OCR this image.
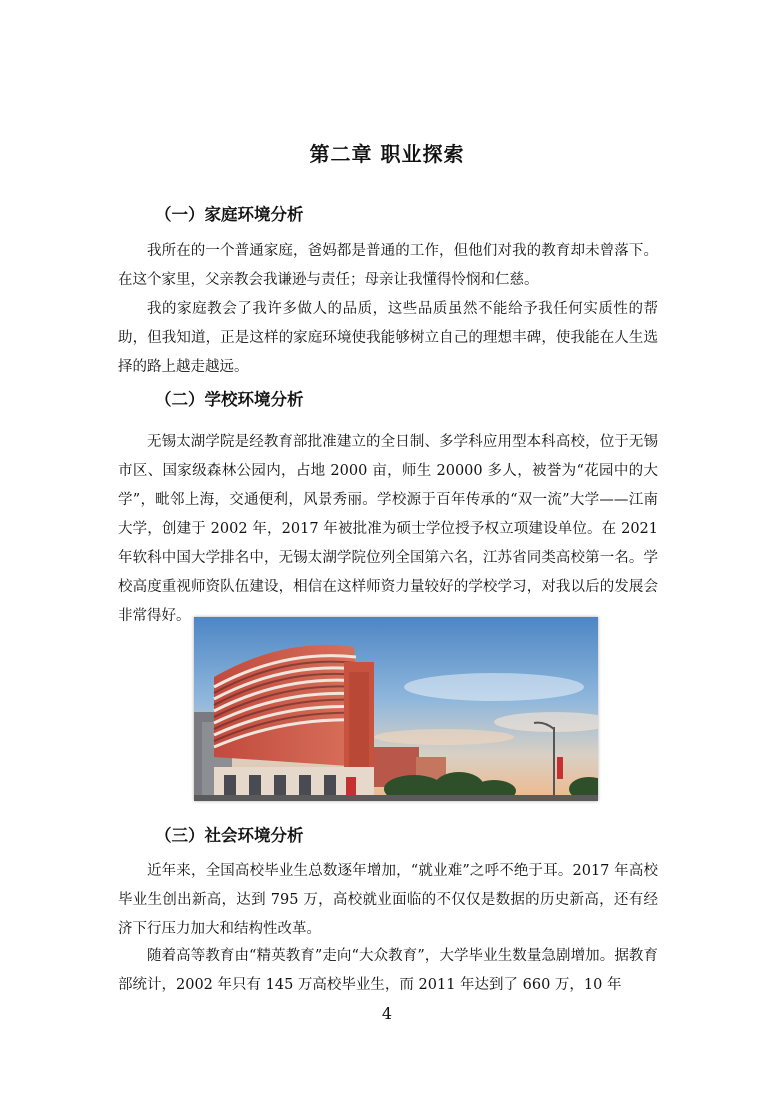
第二章 职业探索
（一）家庭环境分析

我所在的一个普通家庭，爸妈都是普通的工作，但他们对我的教育却未曾落下。在这个家里，父亲教会我谦逊与责任；母亲让我懂得怜悯和仁慈。

我的家庭教会了我许多做人的品质，这些品质虽然不能给予我任何实质性的帮助，但我知道，正是这样的家庭环境使我能够树立自己的理想丰碑，使我能在人生选择的路上越走越远。

（二）学校环境分析

无锡太湖学院是经教育部批准建立的全日制、多学科应用型本科高校，位于无锡市区、国家级森林公园内，占地 2000 亩，师生 20000 多人，被誉为“花园中的大学”，毗邻上海，交通便利，风景秀丽。学校源于百年传承的“双一流”大学——江南大学，创建于 2002 年，2017 年被批准为硕士学位授予权立项建设单位。在 2021 年软科中国大学排名中，无锡太湖学院位列全国第六名，江苏省同类高校第一名。学校高度重视师资队伍建设，相信在这样师资力量较好的学校学习，对我以后的发展会非常得好。

（三）社会环境分析

近年来，全国高校毕业生总数逐年增加，“就业难”之呼不绝于耳。2017 年高校毕业生创出新高，达到 795 万，高校就业面临的不仅仅是数据的历史新高，还有经济下行压力加大和结构性改革。

随着高等教育由“精英教育”走向“大众教育”，大学毕业生数量急剧增加。据教育部统计，2002 年只有 145 万高校毕业生，而 2011 年达到了 660 万，10 年

4
